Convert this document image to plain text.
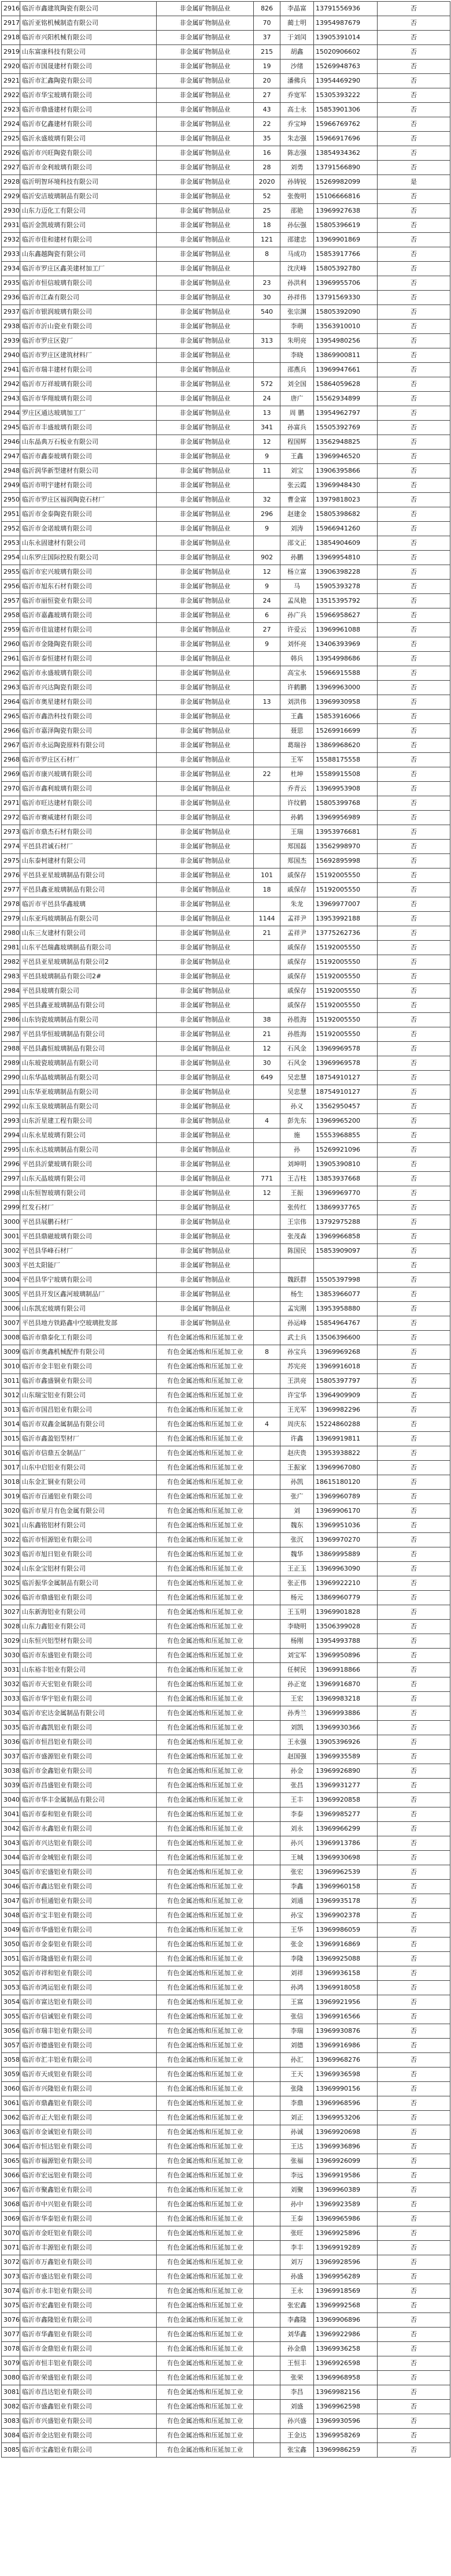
2916	临沂市鑫建筑陶瓷有限公司	非金属矿物制品业	826	李晶富	13791556936	否
2917	临沂亚铭机械制造有限公司	非金属矿物制品业	70	蔺士明	13954987679	否
2918	临沂市兴阳机械有限公司	非金属矿物制品业	37	于刘闰	13905391014	否
2919	山东富康科技有限公司	非金属矿物制品业	215	胡鑫	15020906602	否
2920	临沂市国晟建材有限公司	非金属矿物制品业	19	沙绪	15269948763	否
2921	临沂市汇鑫陶瓷有限公司	非金属矿物制品业	20	潘佛兵	13954469290	否
2922	临沂市华宝玻璃有限公司	非金属矿物制品业	27	乔宽军	15305393222	否
2923	临沂市鼎盛建材有限公司	非金属矿物制品业	43	高士永	15853901306	否
2924	临沂市亿鑫建材有限公司	非金属矿物制品业	22	乔宝坤	15966769762	否
2925	临沂永盛玻璃有限公司	非金属矿物制品业	35	朱志强	15966917696	否
2926	临沂市兴旺陶瓷有限公司	非金属矿物制品业	16	陈志强	13854934362	否
2927	临沂市金利玻璃有限公司	非金属矿物制品业	28	刘勇	13791566890	否
2928	临沂明智环境科技有限公司	非金属矿物制品业	2020	孙铸锐	15269982099	是
2929	临沂安洁玻璃制品有限公司	非金属矿物制品业	52	张俊明	15106666816	否
2930	山东力迈化工有限公司	非金属矿物制品业	25	邵艳	13969927638	否
2931	临沂金凯玻璃有限公司	非金属矿物制品业	18	孙伝强	15805396619	否
2932	临沂市佳和建材有限公司	非金属矿物制品业	121	邵建忠	13969901869	否
2933	山东鑫越陶瓷有限公司	非金属矿物制品业	8	马成功	15853917766	否
2934	临沂市罗庄区鑫美建材加工厂	非金属矿物制品业		沈庆峰	15805392780	否
2935	临沂市恒信玻璃有限公司	非金属矿物制品业	23	孙洪利	13969955706	否
2936	临沂市江森有限公司	非金属矿物制品业	30	孙祥伟	13791569330	否
2937	临沂市银润玻璃有限公司	非金属矿物制品业	540	张宗渊	15805392090	否
2938	临沂市沂山瓷业有限公司	非金属矿物制品业		李萌	13563910010	否
2939	临沂市罗庄区瓷厂	非金属矿物制品业	313	朱明亮	13954980256	否
2940	临沂市罗庄区建筑材料厂	非金属矿物制品业		李晓	13869900811	否
2941	临沂市瑞丰建材有限公司	非金属矿物制品业		邵燕兵	13969947661	否
2942	临沂市万祥玻璃有限公司	非金属矿物制品业	572	刘全国	15864059628	否
2943	临沂市华翔玻璃有限公司	非金属矿物制品业	24	唐广	15562934899	否
2944	罗庄区通达玻璃加工厂	非金属矿物制品业	13	周 鹏	13954962797	否
2945	临沂市丰盛玻璃有限公司	非金属矿物制品业	341	孙富兵	15505392769	否
2946	山东晶典万石板业有限公司	非金属矿物制品业	12	程国辉	13562948825	否
2947	临沂市鑫泰玻璃有限公司	非金属矿物制品业	9	王鑫	13969946520	否
2948	临沂润华新型建材有限公司	非金属矿物制品业	11	刘宝	13906395866	否
2949	临沂市明宇建材有限公司	非金属矿物制品业		张云霞	13969948430	否
2950	临沂市罗庄区福润陶瓷石材厂	非金属矿物制品业	32	曹金富	13979818023	否
2951	临沂市金泰陶瓷有限公司	非金属矿物制品业	296	赵建金	15805398682	否
2952	临沂市金诺玻璃有限公司	非金属矿物制品业	9	刘涛	15966941260	否
2953	山东永固建材有限公司	非金属矿物制品业		邵文正	13854904609	否
2954	山东罗庄国际控股有限公司	非金属矿物制品业	902	孙鹏	13969954810	否
2955	临沂市宏兴玻璃有限公司	非金属矿物制品业	12	杨立富	13906398228	否
2956	临沂市旭东石材有限公司	非金属矿物制品业	9	马	15905393278	否
2957	临沂市丽恒瓷业有限公司	非金属矿物制品业	24	孟凤艳	13515395792	否
2958	临沂市嘉鑫玻璃有限公司	非金属矿物制品业	6	孙广兵	15966958627	否
2959	临沂市佳谊建材有限公司	非金属矿物制品业	27	许爱云	13969961088	否
2960	临沂市金隆陶瓷有限公司	非金属矿物制品业	9	刘怀亮	13406393969	否
2961	临沂市泰恒建材有限公司	非金属矿物制品业		韩兵	13954998686	否
2962	临沂市永盛玻璃有限公司	非金属矿物制品业		高宝永	15966915588	否
2963	临沂市兴达陶瓷有限公司	非金属矿物制品业		许鹤鹏	13969963000	否
2964	临沂市奥星建材有限公司	非金属矿物制品业	13	刘洪伟	13969930958	否
2965	临沂市鑫浩科技有限公司	非金属矿物制品业		王鑫	15853916066	否
2966	临沂市嘉泽陶瓷有限公司	非金属矿物制品业		聂思	15269916699	否
2967	临沂市永运陶瓷原料有限公司	非金属矿物制品业		葛瑞谷	13869968620	否
2968	临沂市罗庄区石材厂	非金属矿物制品业		王军	15588175558	否
2969	临沂市康兴玻璃有限公司	非金属矿物制品业	22	杜坤	15589915508	否
2970	临沂市鑫利玻璃有限公司	非金属矿物制品业		乔青云	13969953908	否
2971	临沂市旺达建材有限公司	非金属矿物制品业		许纹鹤	15805399768	否
2972	临沂市赛威建材有限公司	非金属矿物制品业		孙鹤	13969956989	否
2973	临沂市鼎杰石材有限公司	非金属矿物制品业		王瑞	13953976681	否
2974	平邑县君诚石材厂	非金属矿物制品业		郑国磊	13562998970	否
2975	山东泰柯建材有限公司	非金属矿物制品业		郑国杰	15692895998	否
2976	平邑县亚星玻璃制品有限公司	非金属矿物制品业	101	戚保存	15192005550	否
2977	平邑县鑫亚玻璃制品有限公司	非金属矿物制品业	18	戚保存	15192005550	否
2978	临沂市平邑县华鑫玻璃	非金属矿物制品业		朱龙	13969977007	否
2979	山东亚玛玻璃制品有限公司	非金属矿物制品业	1144	孟祥尹	13953992188	否
2980	山东三友建材有限公司	非金属矿物制品业	21	孟祥尹	13775262736	否
2981	山东平邑瑞鑫玻璃制品有限公司	非金属矿物制品业		戚保存	15192005550	否
2982	平邑县亚星玻璃制品有限公司2	非金属矿物制品业		戚保存	15192005550	否
2983	平邑县玻璃制品有限公司2#	非金属矿物制品业		戚保存	15192005550	否
2984	平邑县玻璃有限公司	非金属矿物制品业		戚保存	15192005550	否
2985	平邑县鑫亚玻璃制品有限公司	非金属矿物制品业		戚保存	15192005550	否
2986	山东钧瓷玻璃制品有限公司	非金属矿物制品业	38	孙胜海	15192005550	否
2987	平邑县华恒玻璃制品有限公司	非金属矿物制品业	21	孙胜海	15192005550	否
2988	平邑县鑫恒玻璃制品有限公司	非金属矿物制品业	12	石风金	13969969578	否
2989	山东玻瓷玻璃制品有限公司	非金属矿物制品业	30	石风金	13969969578	否
2990	山东华晶玻璃制品有限公司	非金属矿物制品业	649	吴忠慧	18754910127	否
2991	山东华亚玻璃制品有限公司	非金属矿物制品业		吴忠慧	18754910127	否
2992	山东玉泉玻璃制品有限公司	非金属矿物制品业		孙义	13562950457	否
2993	山东沂星建工程有限公司	非金属矿物制品业	4	彭先东	13969965200	否
2994	山东永星玻璃有限公司	非金属矿物制品业		施	15553968855	否
2995	山东永达玻璃制品有限公司	非金属矿物制品业		孙	15269921096	否
2996	平邑县沂蒙玻璃有限公司	非金属矿物制品业		刘坤明	13905390810	否
2997	山东天晶玻璃有限公司	非金属矿物制品业	771	王吉柱	13853937668	否
2998	山东恒智玻璃有限公司	非金属矿物制品业	12	王振	13969969770	否
2999	红发石材厂	非金属矿物制品业		张传红	13869937765	否
3000	平邑县展鹏石材厂	非金属矿物制品业		王宗伟	13792975288	否
3001	平邑县鼎磁玻璃有限公司	非金属矿物制品业		张茂森	13969966858	否
3002	平邑县华峰石材厂	非金属矿物制品业		陈国民	15853909097	否
3003	平邑太阳能厂	非金属矿物制品业				否
3004	平邑县华宁玻璃有限公司	非金属矿物制品业		魏跃群	15505397998	否
3005	平邑县开发区鑫河玻璃制品厂	非金属矿物制品业		杨生	13853966077	否
3006	山东凯宏玻璃有限公司	非金属矿物制品业		孟宪刚	13953958880	否
3007	平邑县地方铁路鑫中空玻璃批发部	非金属矿物制品业		孙运峰	15854964767	否
3008	临沂市鼎泰化工有限公司	有色金属冶炼和压延加工业		武士兵	13506396600	否
3009	临沂市奥鑫机械配件有限公司	有色金属冶炼和压延加工业	8	孙宝兵	13969969268	否
3010	临沂市金丰铝业有限公司	有色金属冶炼和压延加工业		苏宪亮	13969916018	否
3011	临沂市鑫盛铜业有限公司	有色金属冶炼和压延加工业		王洪亮	15805397797	否
3012	山东瑞宝铝业有限公司	有色金属冶炼和压延加工业		许宝华	13964909909	否
3013	临沂市国昌铝业有限公司	有色金属冶炼和压延加工业		王光军	13969982296	否
3014	临沂市双鑫金属制品有限公司	有色金属冶炼和压延加工业	4	周庆东	15224860288	否
3015	临沂市鑫盈铝型材厂	有色金属冶炼和压延加工业		许鑫	13969919811	否
3016	临沂市信鼎五金制品厂	有色金属冶炼和压延加工业		赵庆贵	13953938822	否
3017	山东中启铝业有限公司	有色金属冶炼和压延加工业		王振家	13969967080	否
3018	山东金汇铜业有限公司	有色金属冶炼和压延加工业		孙凯	18615180120	否
3019	临沂市百通铝业有限公司	有色金属冶炼和压延加工业		张广	13969960789	否
3020	临沂市星月有色金属有限公司	有色金属冶炼和压延加工业		刘	13969906170	否
3021	山东鑫铭铝材有限公司	有色金属冶炼和压延加工业		魏东	13969951036	否
3022	临沂市恒源铝业有限公司	有色金属冶炼和压延加工业		张沉	13969970270	否
3023	临沂市旭日铝业有限公司	有色金属冶炼和压延加工业		魏华	13869995889	否
3024	山东金宝铝材有限公司	有色金属冶炼和压延加工业		王正玉	13969963090	否
3025	临沂振华金属制品有限公司	有色金属冶炼和压延加工业		张正伟	13969922210	否
3026	临沂市鼎盛铝业有限公司	有色金属冶炼和压延加工业		杨元	13869960779	否
3027	山东新海铝业有限公司	有色金属冶炼和压延加工业		王玉明	13969901828	否
3028	山东力鑫铝业有限公司	有色金属冶炼和压延加工业		李晓明	13506399028	否
3029	山东恒兴铝型材有限公司	有色金属冶炼和压延加工业		杨刚	13954993788	否
3030	临沂市东盛铝业有限公司	有色金属冶炼和压延加工业		刘宝军	13969950896	否
3031	山东裕丰铝业有限公司	有色金属冶炼和压延加工业		任树民	13969918866	否
3032	临沂市天宏铝业有限公司	有色金属冶炼和压延加工业		孙正宽	13969916870	否
3033	临沂市华宇铝业有限公司	有色金属冶炼和压延加工业		王宏	13969983218	否
3034	临沂市宏达金属制品有限公司	有色金属冶炼和压延加工业		孙秀兰	13969993886	否
3035	临沂市鑫凯铝业有限公司	有色金属冶炼和压延加工业		刘凯	13969930366	否
3036	临沂市恒昌铝业有限公司	有色金属冶炼和压延加工业		王永强	13905396926	否
3037	临沂市盛源铝业有限公司	有色金属冶炼和压延加工业		赵国强	13969935589	否
3038	临沂市金鑫铝业有限公司	有色金属冶炼和压延加工业		孙金	13969926890	否
3039	临沂市昌盛铝业有限公司	有色金属冶炼和压延加工业		张昌	13969931277	否
3040	临沂市华丰金属制品有限公司	有色金属冶炼和压延加工业		王丰	13969920858	否
3041	临沂市泰和铝业有限公司	有色金属冶炼和压延加工业		李泰	13969985277	否
3042	临沂市永鑫铝业有限公司	有色金属冶炼和压延加工业		刘永	13969966299	否
3043	临沂市兴达铝业有限公司	有色金属冶炼和压延加工业		孙兴	13969913786	否
3044	临沂市金城铝业有限公司	有色金属冶炼和压延加工业		王城	13969930698	否
3045	临沂市宏盛铝业有限公司	有色金属冶炼和压延加工业		张宏	13969962539	否
3046	临沂市鑫达铝业有限公司	有色金属冶炼和压延加工业		李鑫	13969960158	否
3047	临沂市恒通铝业有限公司	有色金属冶炼和压延加工业		刘通	13969935178	否
3048	临沂市宝丰铝业有限公司	有色金属冶炼和压延加工业		孙宝	13969902378	否
3049	临沂市华盛铝业有限公司	有色金属冶炼和压延加工业		王华	13969986059	否
3050	临沂市金泰铝业有限公司	有色金属冶炼和压延加工业		张金	13969916869	否
3051	临沂市隆盛铝业有限公司	有色金属冶炼和压延加工业		李隆	13969925088	否
3052	临沂市祥和铝业有限公司	有色金属冶炼和压延加工业		刘祥	13969936158	否
3053	临沂市鸿运铝业有限公司	有色金属冶炼和压延加工业		孙鸿	13969918058	否
3054	临沂市富达铝业有限公司	有色金属冶炼和压延加工业		王富	13969921956	否
3055	临沂市信诚铝业有限公司	有色金属冶炼和压延加工业		张信	13969916566	否
3056	临沂市瑞丰铝业有限公司	有色金属冶炼和压延加工业		李瑞	13969930876	否
3057	临沂市德盛铝业有限公司	有色金属冶炼和压延加工业		刘德	13969916986	否
3058	临沂市汇丰铝业有限公司	有色金属冶炼和压延加工业		孙汇	13969968276	否
3059	临沂市天成铝业有限公司	有色金属冶炼和压延加工业		王天	13969936598	否
3060	临沂市兴隆铝业有限公司	有色金属冶炼和压延加工业		张隆	13969990156	否
3061	临沂市鼎鑫铝业有限公司	有色金属冶炼和压延加工业		李鼎	13969968596	否
3062	临沂市正大铝业有限公司	有色金属冶炼和压延加工业		刘正	13969953206	否
3063	临沂市金诚铝业有限公司	有色金属冶炼和压延加工业		孙诚	13969920698	否
3064	临沂市恒达铝业有限公司	有色金属冶炼和压延加工业		王达	13969936896	否
3065	临沂市福源铝业有限公司	有色金属冶炼和压延加工业		张福	13969926099	否
3066	临沂市宏远铝业有限公司	有色金属冶炼和压延加工业		李远	13969919586	否
3067	临沂市聚鑫铝业有限公司	有色金属冶炼和压延加工业		刘聚	13969960389	否
3068	临沂市中兴铝业有限公司	有色金属冶炼和压延加工业		孙中	13969923589	否
3069	临沂市华泰铝业有限公司	有色金属冶炼和压延加工业		王泰	13969965986	否
3070	临沂市金旺铝业有限公司	有色金属冶炼和压延加工业		张旺	13969925896	否
3071	临沂市丰源铝业有限公司	有色金属冶炼和压延加工业		李丰	13969919289	否
3072	临沂市万鑫铝业有限公司	有色金属冶炼和压延加工业		刘万	13969928596	否
3073	临沂市盛达铝业有限公司	有色金属冶炼和压延加工业		孙盛	13969956289	否
3074	临沂市永丰铝业有限公司	有色金属冶炼和压延加工业		王永	13969918569	否
3075	临沂市宏鑫铝业有限公司	有色金属冶炼和压延加工业		张宏鑫	13969992568	否
3076	临沂市鑫隆铝业有限公司	有色金属冶炼和压延加工业		李鑫隆	13969906896	否
3077	临沂市华鑫铝业有限公司	有色金属冶炼和压延加工业		刘华鑫	13969922986	否
3078	临沂市金鼎铝业有限公司	有色金属冶炼和压延加工业		孙金鼎	13969936258	否
3079	临沂市恒丰铝业有限公司	有色金属冶炼和压延加工业		王恒丰	13969926598	否
3080	临沂市荣盛铝业有限公司	有色金属冶炼和压延加工业		张荣	13969968958	否
3081	临沂市昌达铝业有限公司	有色金属冶炼和压延加工业		李昌	13969982156	否
3082	临沂市盛鑫铝业有限公司	有色金属冶炼和压延加工业		刘盛	13969962598	否
3083	临沂市兴盛铝业有限公司	有色金属冶炼和压延加工业		孙兴盛	13969930596	否
3084	临沂市金达铝业有限公司	有色金属冶炼和压延加工业		王金达	13969958269	否
3085	临沂市宝鑫铝业有限公司	有色金属冶炼和压延加工业		张宝鑫	13969986259	否
